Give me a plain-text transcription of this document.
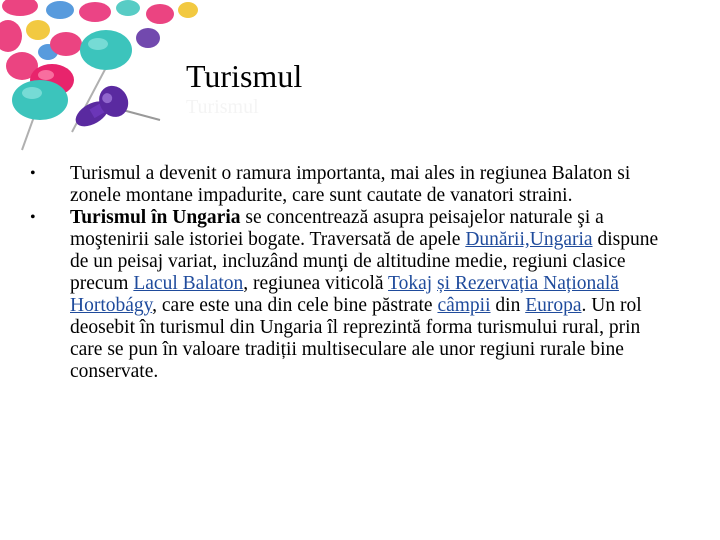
Turismul
Turismul

• Turismul a devenit o ramura importanta, mai ales in regiunea Balaton si zonele montane impadurite, care sunt cautate de vanatori straini.

• Turismul în Ungaria se concentrează asupra peisajelor naturale şi a moştenirii sale istoriei bogate. Traversată de apele Dunării,Ungaria dispune de un peisaj variat, incluzând munţi de altitudine medie, regiuni clasice precum Lacul Balaton, regiunea viticolă Tokaj și Rezervația Națională Hortobágy, care este una din cele bine păstrate câmpii din Europa. Un rol deosebit în turismul din Ungaria îl reprezintă forma turismului rural, prin care se pun în valoare tradiții multiseculare ale unor regiuni rurale bine conservate.
